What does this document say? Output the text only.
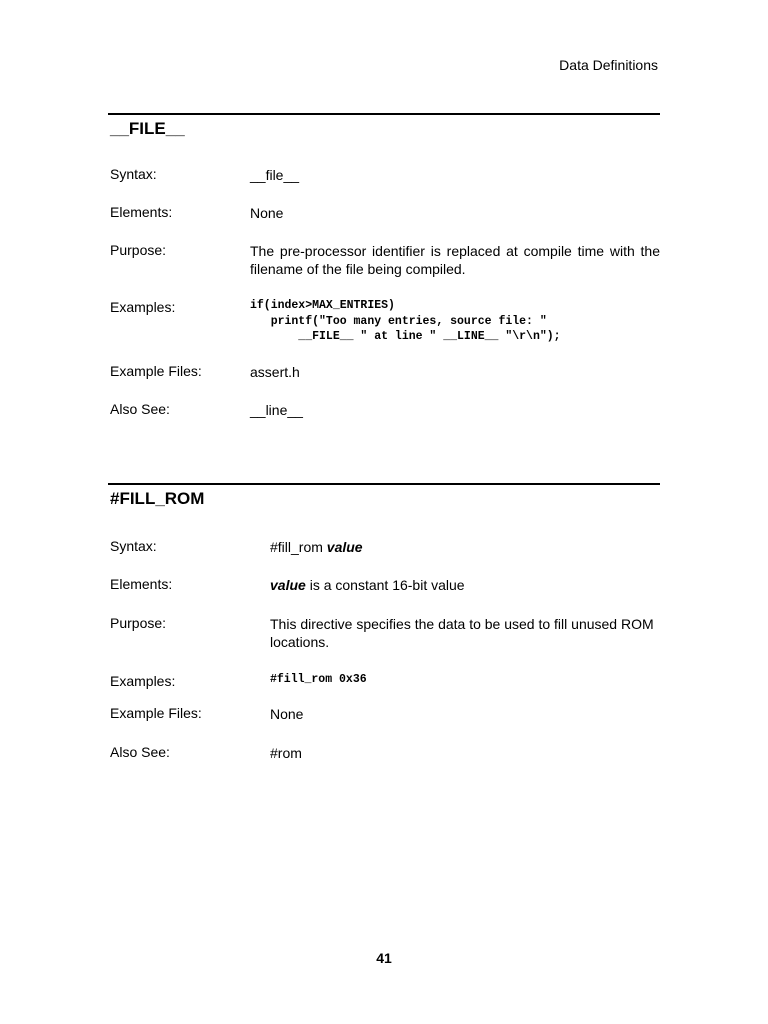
Data Definitions
__FILE__
Syntax:	__file__
Elements:	None
Purpose:	The pre-processor identifier is replaced at compile time with the filename of the file being compiled.
Examples:	if(index>MAX_ENTRIES)
printf("Too many entries, source file: "
__FILE__ " at line " __LINE__ "\r\n");
Example Files:	assert.h
Also See:	__line__
#FILL_ROM
Syntax:	#fill_rom value
Elements:	value is a constant 16-bit value
Purpose:	This directive specifies the data to be used to fill unused ROM locations.
Examples:	#fill_rom 0x36
Example Files:	None
Also See:	#rom
41
